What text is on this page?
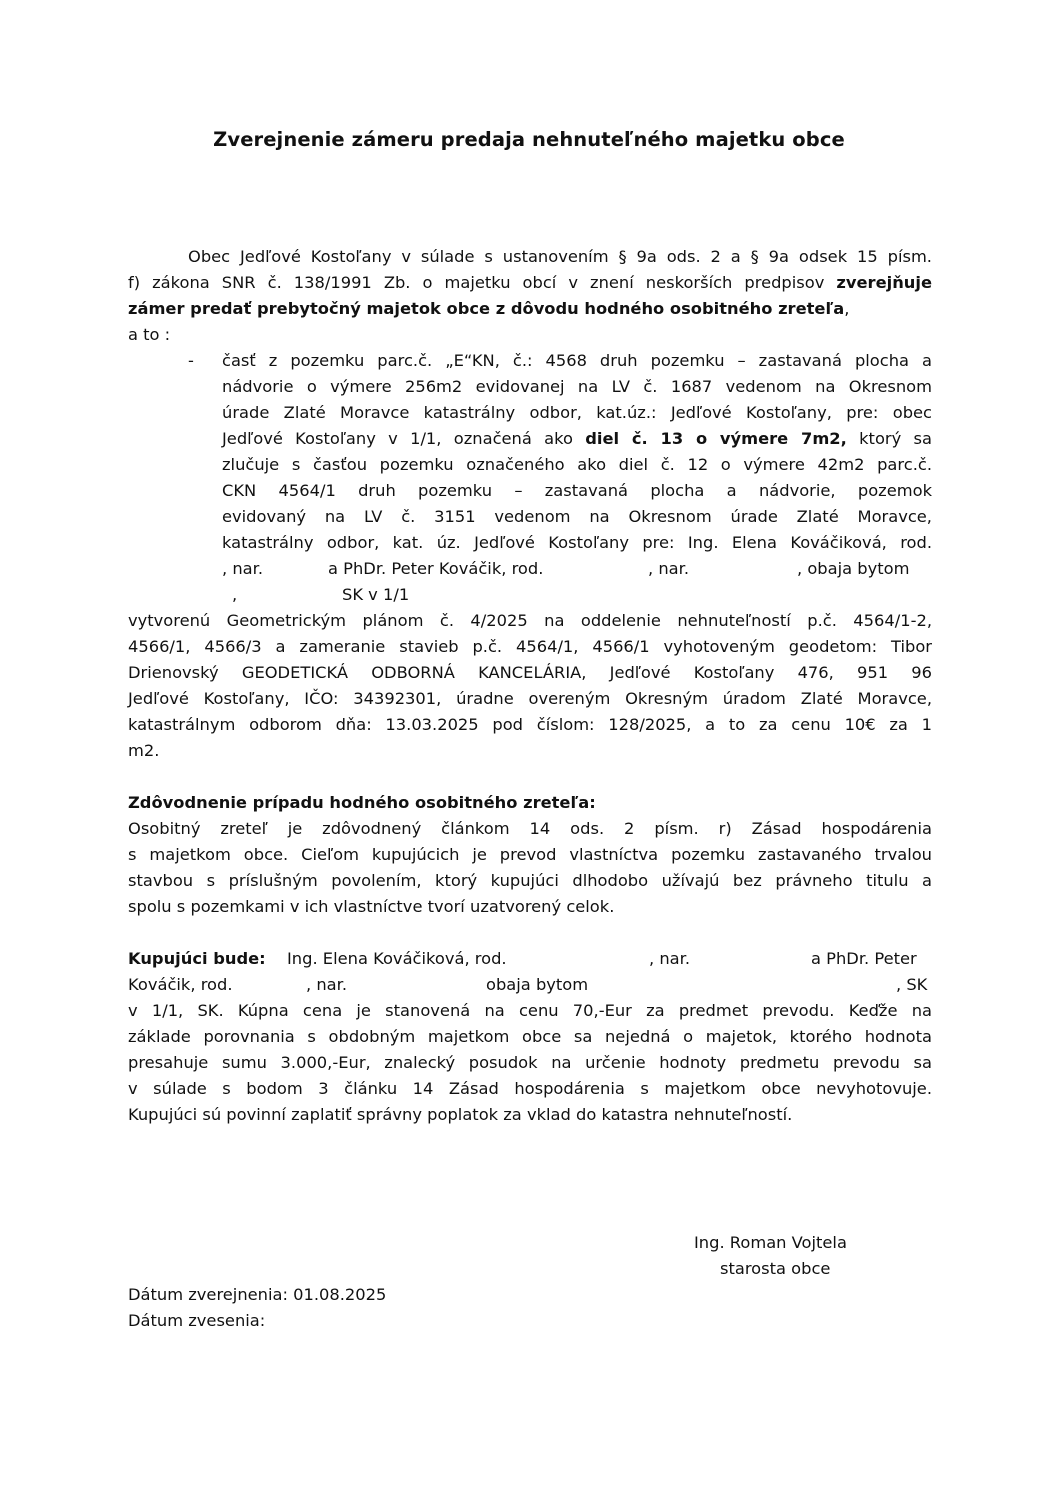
Zverejnenie zámeru predaja nehnuteľného majetku obce
Obec Jedľové Kostoľany v súlade s ustanovením § 9a ods. 2 a § 9a odsek 15 písm.
f) zákona SNR č. 138/1991 Zb. o majetku obcí v znení neskorších predpisov zverejňuje
zámer predať prebytočný majetok obce z dôvodu hodného osobitného zreteľa,
a to :
- časť z pozemku parc.č. „E“KN, č.: 4568 druh pozemku – zastavaná plocha a
nádvorie o výmere 256m2 evidovanej na LV č. 1687 vedenom na Okresnom
úrade Zlaté Moravce katastrálny odbor, kat.úz.: Jedľové Kostoľany, pre: obec
Jedľové Kostoľany v 1/1, označená ako diel č. 13 o výmere 7m2, ktorý sa
zlučuje s časťou pozemku označeného ako diel č. 12 o výmere 42m2 parc.č.
CKN 4564/1 druh pozemku – zastavaná plocha a nádvorie, pozemok
evidovaný na LV č. 3151 vedenom na Okresnom úrade Zlaté Moravce,
katastrálny odbor, kat. úz. Jedľové Kostoľany pre: Ing. Elena Kováčiková, rod.
, nar.	a PhDr. Peter Kováčik, rod.	, nar.	, obaja bytom
,	SK v 1/1
vytvorenú Geometrickým plánom č. 4/2025 na oddelenie nehnuteľností p.č. 4564/1-2,
4566/1, 4566/3 a zameranie stavieb p.č. 4564/1, 4566/1 vyhotoveným geodetom: Tibor
Drienovský GEODETICKÁ ODBORNÁ KANCELÁRIA, Jedľové Kostoľany 476, 951 96
Jedľové Kostoľany, IČO: 34392301, úradne overeným Okresným úradom Zlaté Moravce,
katastrálnym odborom dňa: 13.03.2025 pod číslom: 128/2025, a to za cenu 10€ za 1
m2.
Zdôvodnenie prípadu hodného osobitného zreteľa:
Osobitný zreteľ je zdôvodnený článkom 14 ods. 2 písm. r) Zásad hospodárenia
s majetkom obce. Cieľom kupujúcich je prevod vlastníctva pozemku zastavaného trvalou
stavbou s príslušným povolením, ktorý kupujúci dlhodobo užívajú bez právneho titulu a
spolu s pozemkami v ich vlastníctve tvorí uzatvorený celok.
Kupujúci bude: Ing. Elena Kováčiková, rod.	, nar.	a PhDr. Peter
Kováčik, rod.	, nar.	obaja bytom	, SK
v 1/1, SK. Kúpna cena je stanovená na cenu 70,-Eur za predmet prevodu. Keďže na
základe porovnania s obdobným majetkom obce sa nejedná o majetok, ktorého hodnota
presahuje sumu 3.000,-Eur, znalecký posudok na určenie hodnoty predmetu prevodu sa
v súlade s bodom 3 článku 14 Zásad hospodárenia s majetkom obce nevyhotovuje.
Kupujúci sú povinní zaplatiť správny poplatok za vklad do katastra nehnuteľností.
Ing. Roman Vojtela
starosta obce
Dátum zverejnenia: 01.08.2025
Dátum zvesenia:
